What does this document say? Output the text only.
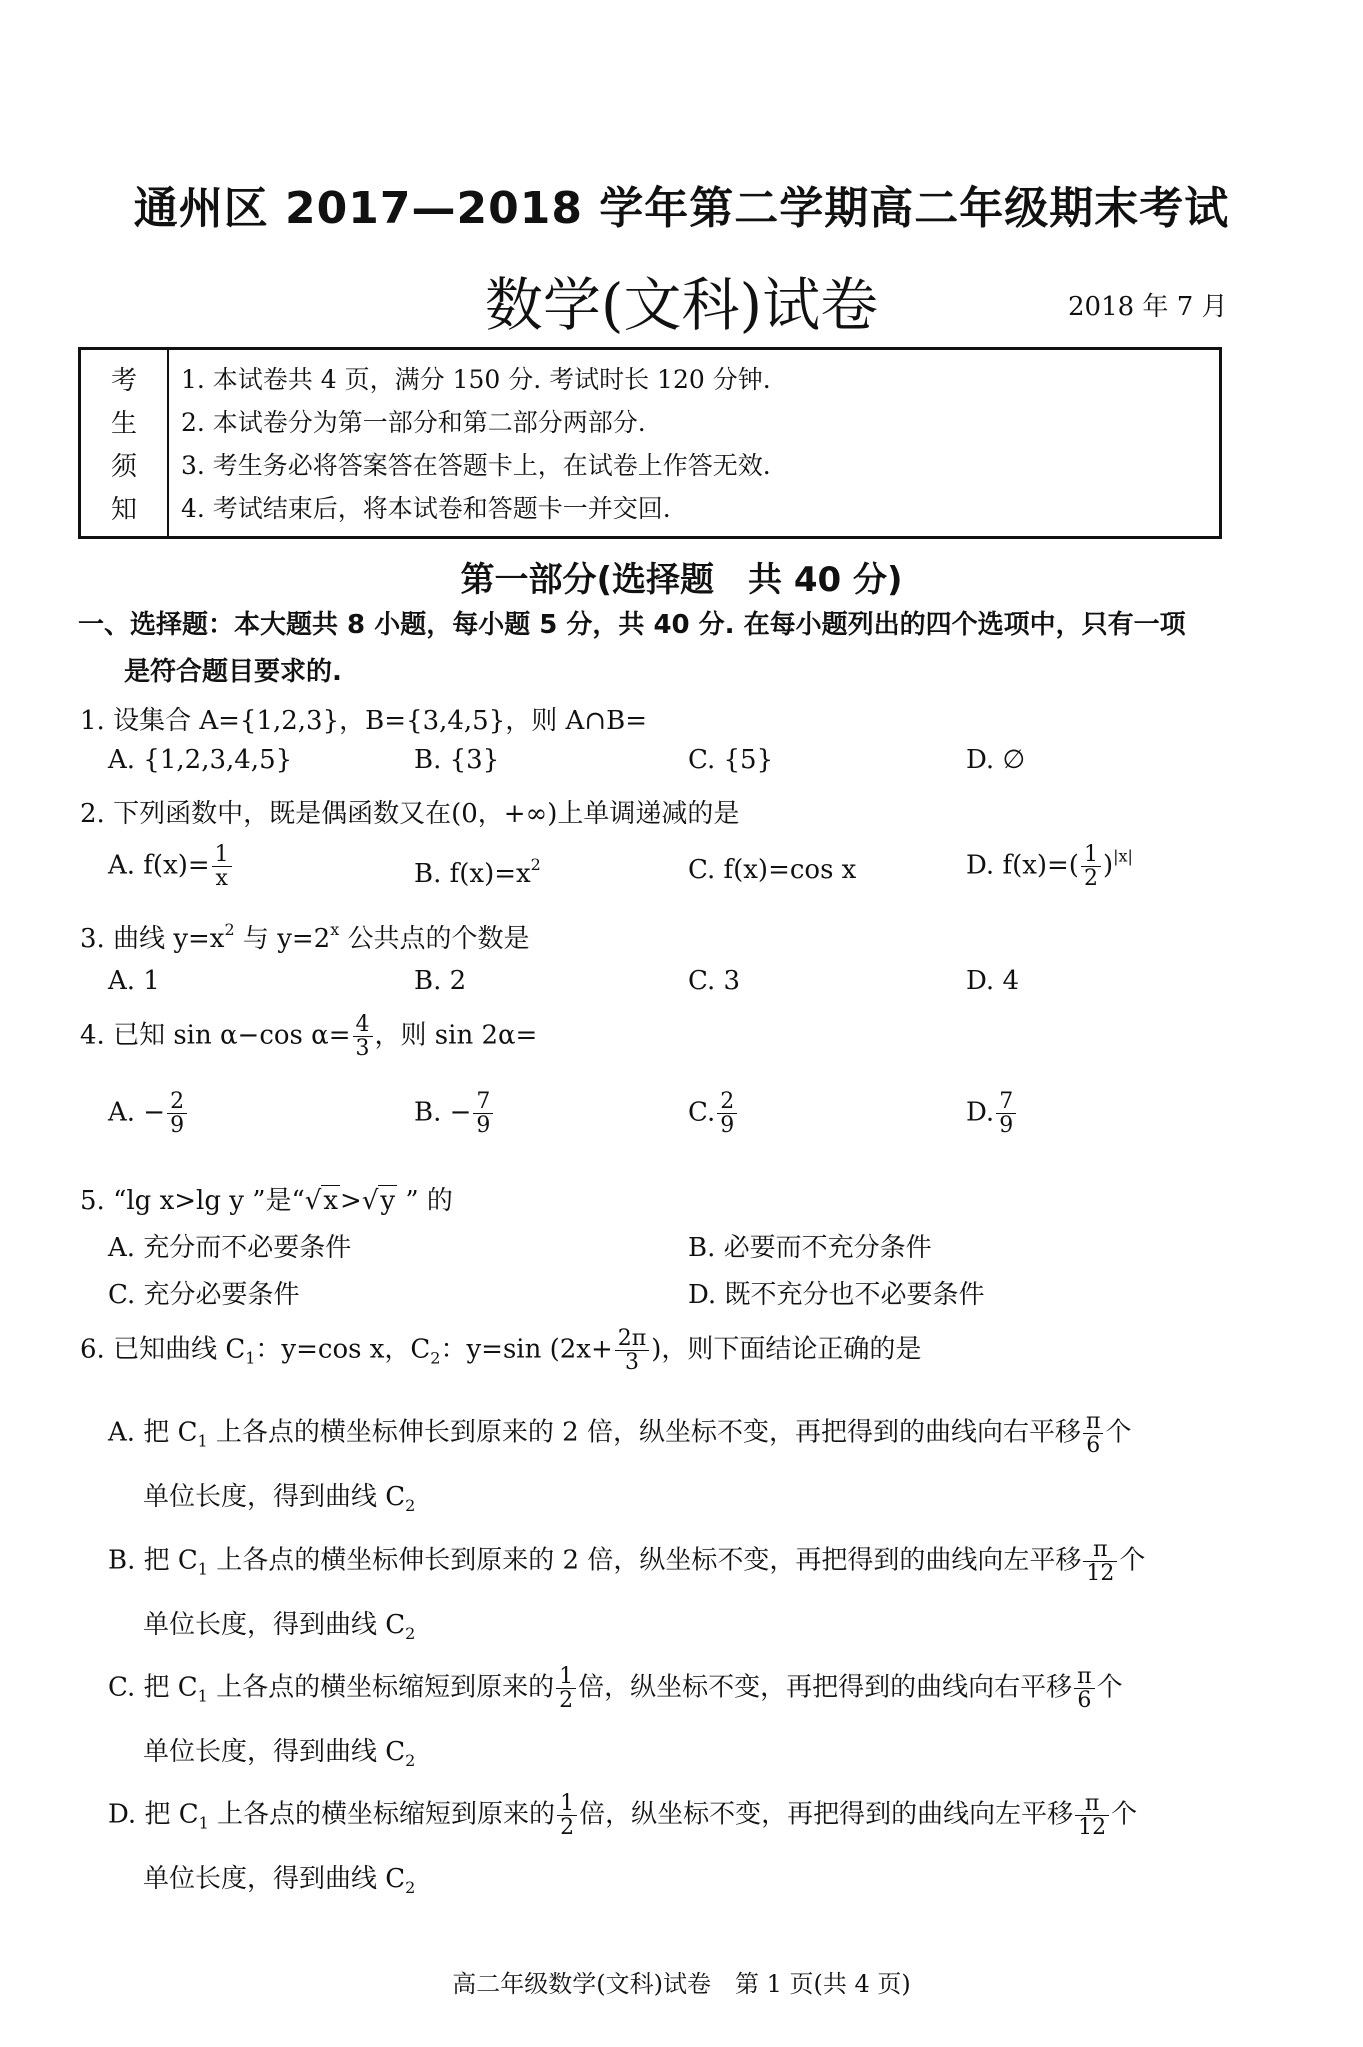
通州区 2017—2018 学年第二学期高二年级期末考试
数学(文科)试卷	2018 年 7 月
考
生
须
知
1. 本试卷共 4 页，满分 150 分. 考试时长 120 分钟.
2. 本试卷分为第一部分和第二部分两部分.
3. 考生务必将答案答在答题卡上，在试卷上作答无效.
4. 考试结束后，将本试卷和答题卡一并交回.
第一部分(选择题　共 40 分)
一、选择题：本大题共 8 小题，每小题 5 分，共 40 分. 在每小题列出的四个选项中，只有一项
是符合题目要求的.
1. 设集合 A={1,2,3}，B={3,4,5}，则 A∩B=
A. {1,2,3,4,5}	B. {3}	C. {5}	D. ∅
2. 下列函数中，既是偶函数又在(0，+∞)上单调递减的是
A. $f(x)= \frac{1}{x}$	B. $f(x)=x^2$	C. f(x)=cos x	D. $f(x)=( \frac{1}{2} )^{|x|}$
3. 曲线 $y=x^2$ 与 $y=2^x$ 公共点的个数是
A. 1	B. 2	C. 3	D. 4
4. 已知 sin α−cos $\alpha= \frac{4}{3}$ ，则 sin 2α=
A. − $\frac{2}{9}$	B. − $\frac{7}{9}$	C. $\frac{2}{9}$	D. $\frac{7}{9}$
5. “lg x>lg y ”是“√x>√y ” 的
A. 充分而不必要条件	B. 必要而不充分条件
C. 充分必要条件	D. 既不充分也不必要条件
6. 已知曲线 $C_1$：y=cos x，$C_2$：y=sin ($2x+ \frac{2\pi}{3}$ )，则下面结论正确的是
A. 把 $C_1$ 上各点的横坐标伸长到原来的 2 倍，纵坐标不变，再把得到的曲线向右平移 $\frac{\pi}{6}$ 个
单位长度，得到曲线 $C_2$
B. 把 $C_1$ 上各点的横坐标伸长到原来的 2 倍，纵坐标不变，再把得到的曲线向左平移 $\frac{\pi}{12}$ 个
单位长度，得到曲线 $C_2$
C. 把 $C_1$ 上各点的横坐标缩短到原来的 $\frac{1}{2}$ 倍，纵坐标不变，再把得到的曲线向右平移 $\frac{\pi}{6}$ 个
单位长度，得到曲线 $C_2$
D. 把 $C_1$ 上各点的横坐标缩短到原来的 $\frac{1}{2}$ 倍，纵坐标不变，再把得到的曲线向左平移 $\frac{\pi}{12}$ 个
单位长度，得到曲线 $C_2$
高二年级数学(文科)试卷　第 1 页(共 4 页)
